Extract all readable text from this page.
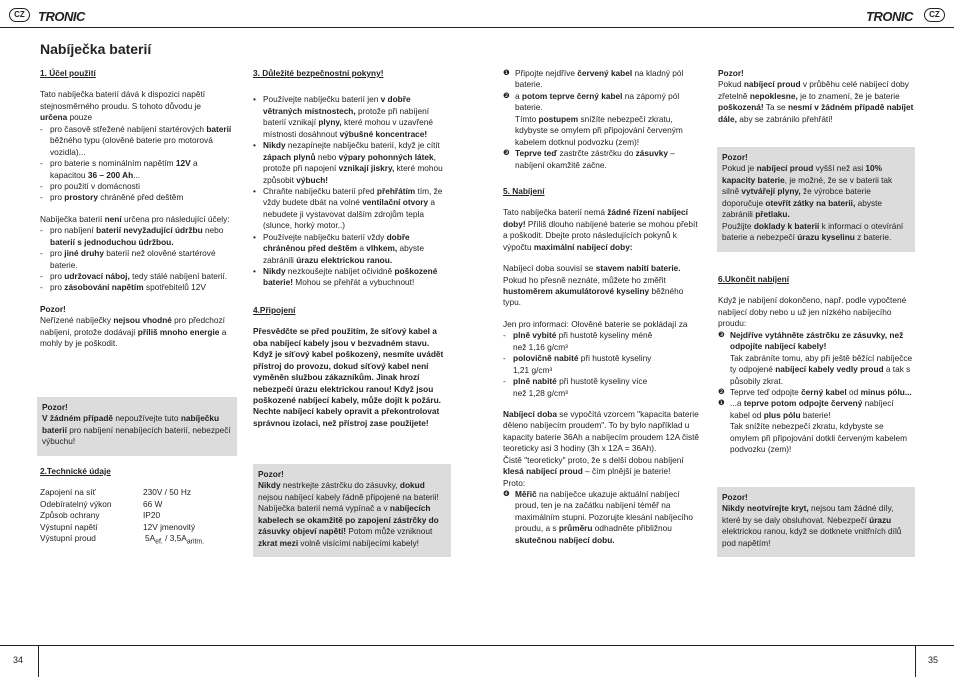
CZ	TRONIC	TRONIC	CZ
Nabíječka baterií
1. Účel použití

Tato nabíječka baterií dává k dispozici napětí stejnosměrného proudu. S tohoto důvodu je
určena pouze

- pro časově střežené nabíjení startérových baterií běžného typu (olověné baterie pro motorová vozidla)...
- pro baterie s nominálním napětím 12V a kapacitou 36 – 200 Ah...
- pro použití v domácnosti
- pro prostory chráněné před deštěm

Nabíječka baterií není určena pro následující účely:

- pro nabíjení baterií nevyžadující údržbu nebo baterií s jednoduchou údržbou.
- pro jiné druhy baterií než olověné startérové baterie.
- pro udržovací náboj, tedy stálé nabíjení baterií.
- pro zásobování napětím spotřebitelů 12V

Pozor!
Neřízené nabíječky nejsou vhodné pro předchozí nabíjení, protože dodávají příliš mnoho energie a mohly by je poškodit.

Pozor!
V žádném případě nepoužívejte tuto nabíječku baterií pro nabíjení nenabíjecích baterií, nebezpečí výbuchu!
2.Technické údaje
Zapojení na síť	230V / 50 Hz
Odebíratelný výkon	66 W
Způsob ochrany	IP20
Výstupní napětí	12V jmenovitý
Výstupní proud	$5A_{ef.} / 3,5A_{aritm.}$
3. Důležité bezpečnostní pokyny!
• Používejte nabíječku baterií jen v dobře větraných místnostech, protože při nabíjení baterií vznikají plyny, které mohou v uzavřené místnosti dosáhnout výbušné koncentrace!
• Nikdy nezapínejte nabíječku baterií, když je cítit zápach plynů nebo výpary pohonných látek, protože při napojení vznikají jiskry, které mohou způsobit výbuch!
• Chraňte nabíječku baterií před přehřátím tím, že vždy budete dbát na volné ventilační otvory a nebudete ji vystavovat dalším zdrojům tepla (slunce, horký motor..)
• Používejte nabíječku baterií vždy dobře chráněnou před deštěm a vlhkem, abyste zabránili úrazu elektrickou ranou.
• Nikdy nezkoušejte nabíjet očividně poškozené baterie! Mohou se přehřát a vybuchnout!
4.Připojení

Přesvědčte se před použitím, že síťový kabel a oba nabíjecí kabely jsou v bezvadném stavu. Když je síťový kabel poškozený, nesmíte uvádět přístroj do provozu, dokud síťový kabel není vyměněn službou zákazníkům. Jinak hrozí nebezpečí úrazu elektrickou ranou! Když jsou poškozené nabíjecí kabely, může dojít k požáru. Nechte nabíjecí kabely opravit a překontrolovat správnou izolaci, než přístroj zase použijete!

Pozor!
Nikdy nestrkejte zástrčku do zásuvky, dokud nejsou nabíjecí kabely řádně připojené na baterii!
Nabíječka baterií nemá vypínač a v nabíjecích kabelech se okamžitě po zapojení zástrčky do zásuvky objeví napětí! Potom může vzniknout zkrat mezi volně visícími nabíjecími kabely!
❶ Připojte nejdříve červený kabel na kladný pól baterie.
❷ a potom teprve černý kabel na záporný pól baterie.
Tímto postupem snížíte nebezpečí zkratu, kdybyste se omylem při připojování červeným kabelem dotknul podvozku (zem)!
❸ Teprve teď zastrčte zástrčku do zásuvky – nabíjení okamžitě začne.
5. Nabíjení

Tato nabíječka baterií nemá žádné řízení nabíjecí doby! Příliš dlouho nabíjené baterie se mohou přebít
a poškodit. Dbejte proto následujících pokynů k výpočtu maximální nabíjecí doby:

Nabíjecí doba souvisí se stavem nabití baterie. Pokud ho přesně neznáte, můžete ho změřit hustoměrem akumulátorové kyseliny běžného typu.

Jen pro informaci: Olověné baterie se pokládají za

- plně vybité při hustotě kyseliny méně
než 1,16 g/cm³
- polovičně nabité při hustotě kyseliny
1,21 g/cm³
- plně nabité při hustotě kyseliny více
než 1,28 g/cm³

Nabíjecí doba se vypočítá vzorcem "kapacita baterie děleno nabíjecím proudem". To by bylo například u kapacity baterie 36Ah a nabíjecím proudem 12A čistě teoreticky asi 3 hodiny (3h x 12A = 36Ah).
Čistě "teoreticky" proto, že s delší dobou nabíjení klesá nabíjecí proud – čím plnější je baterie!
Proto:

❹ Měřič na nabíječce ukazuje aktuální nabíjecí proud, ten je na začátku nabíjení téměř na maximálním stupni. Pozorujte klesání nabíjecího proudu, a s průměru odhadněte přibližnou skutečnou nabíjecí dobu.

Pozor!
Pokud nabíjecí proud v průběhu celé nabíjecí doby zřetelně nepoklesne, je to znamení, že je baterie poškozená! Ta se nesmí v žádném případě nabíjet dále, aby se zabránilo přehřátí!

Pozor!
Pokud je nabíjecí proud vyšší než asi 10% kapacity baterie, je možné, že se v baterii tak silně vytvářejí plyny, že výrobce baterie doporučuje otevřít zátky na baterii, abyste zabránili přetlaku.
Použijte doklady k baterii k informaci o otevírání baterie a nebezpečí úrazu kyselinu z baterie.
6.Ukončit nabíjení

Když je nabíjení dokončeno, např. podle vypočtené nabíjecí doby nebo u už jen nízkého nabíjecího proudu:

❸ Nejdříve vytáhněte zástrčku ze zásuvky, než odpojíte nabíjecí kabely!
Tak zabráníte tomu, aby při ještě běžící nabíječce ty odpojené nabíjecí kabely vedly proud a tak s působily zkrat.
❷ Teprve teď odpojte černý kabel od minus pólu...
❶ ...a teprve potom odpojte červený nabíjecí kabel od plus pólu baterie!
Tak snížíte nebezpečí zkratu, kdybyste se omylem při připojování dotkli červeným kabelem podvozku (zem)!
Pozor!
Nikdy neotvírejte kryt, nejsou tam žádné díly, které by se daly obsluhovat. Nebezpečí úrazu elektrickou ranou, když se dotknete vnitřních dílů pod napětím!
34	35
